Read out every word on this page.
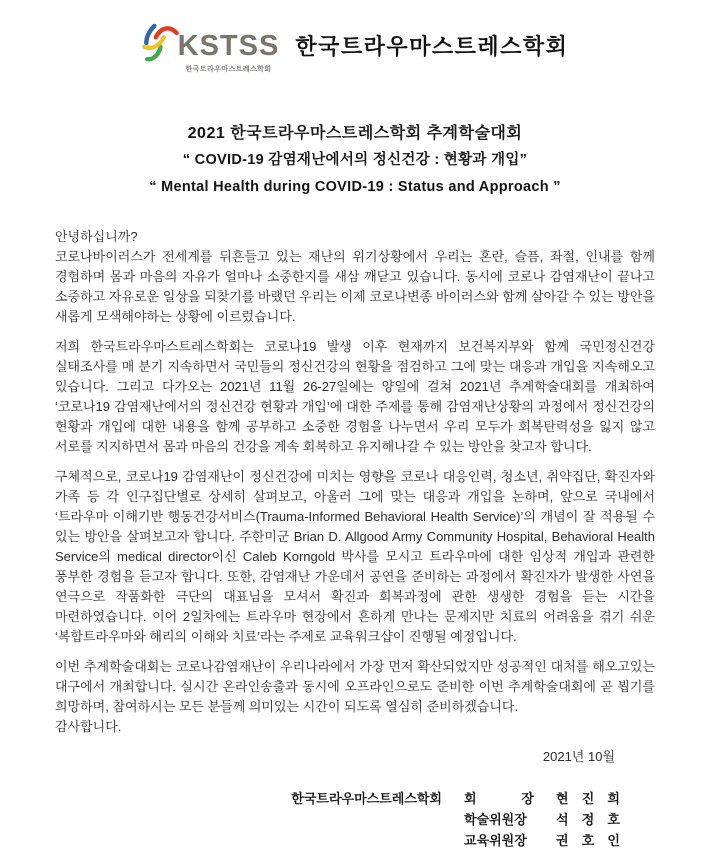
KSTSS
한국트라우마스트레스학회
한국트라우마스트레스학회
2021 한국트라우마스트레스학회 추계학술대회
“ COVID-19 감염재난에서의 정신건강 : 현황과 개입”
“ Mental Health during COVID-19 : Status and Approach ”

안녕하십니까?

코로나바이러스가 전세계를 뒤흔들고 있는 재난의 위기상황에서 우리는 혼란, 슬픔, 좌절, 인내를 함께 경험하며 몸과 마음의 자유가 얼마나 소중한지를 새삼 깨닫고 있습니다. 동시에 코로나 감염재난이 끝나고 소중하고 자유로운 일상을 되찾기를 바랬던 우리는 이제 코로나변종 바이러스와 함께 살아갈 수 있는 방안을 새롭게 모색해야하는 상황에 이르렀습니다.

저희 한국트라우마스트레스학회는 코로나19 발생 이후 현재까지 보건복지부와 함께 국민정신건강 실태조사를 매 분기 지속하면서 국민들의 정신건강의 현황을 점검하고 그에 맞는 대응과 개입을 지속해오고 있습니다. 그리고 다가오는 2021년 11월 26-27일에는 양일에 걸쳐 2021년 추계학술대회를 개최하여 ‘코로나19 감염재난에서의 정신건강 현황과 개입’에 대한 주제를 통해 감염재난상황의 과정에서 정신건강의 현황과 개입에 대한 내용을 함께 공부하고 소중한 경험을 나누면서 우리 모두가 회복탄력성을 잃지 않고 서로를 지지하면서 몸과 마음의 건강을 계속 회복하고 유지해나갈 수 있는 방안을 찾고자 합니다.

구체적으로, 코로나19 감염재난이 정신건강에 미치는 영향을 코로나 대응인력, 청소년, 취약집단, 확진자와 가족 등 각 인구집단별로 상세히 살펴보고, 아울러 그에 맞는 대응과 개입을 논하며, 앞으로 국내에서 ‘트라우마 이해기반 행동건강서비스(Trauma-Informed Behavioral Health Service)’의 개념이 잘 적용될 수 있는 방안을 살펴보고자 합니다. 주한미군 Brian D. Allgood Army Community Hospital, Behavioral Health Service의 medical director이신 Caleb Korngold 박사를 모시고 트라우마에 대한 임상적 개입과 관련한 풍부한 경험을 듣고자 합니다. 또한, 감염재난 가운데서 공연을 준비하는 과정에서 확진자가 발생한 사연을 연극으로 작품화한 극단의 대표님을 모셔서 확진과 회복과정에 관한 생생한 경험을 듣는 시간을 마련하였습니다. 이어 2일차에는 트라우마 현장에서 흔하게 만나는 문제지만 치료의 어려움을 겪기 쉬운 ‘복합트라우마와 해리의 이해와 치료’라는 주제로 교육워크샵이 진행될 예정입니다.

이번 추계학술대회는 코로나감염재난이 우리나라에서 가장 먼저 확산되었지만 성공적인 대처를 해오고있는 대구에서 개최합니다. 실시간 온라인송출과 동시에 오프라인으로도 준비한 이번 추계학술대회에 곧 뵙기를 희망하며, 참여하시는 모든 분들께 의미있는 시간이 되도록 열심히 준비하겠습니다.

감사합니다.

2021년 10월

한국트라우마스트레스학회 회 장 현 진 희
학술위원장	석 정 호
교육위원장	권 호 인
